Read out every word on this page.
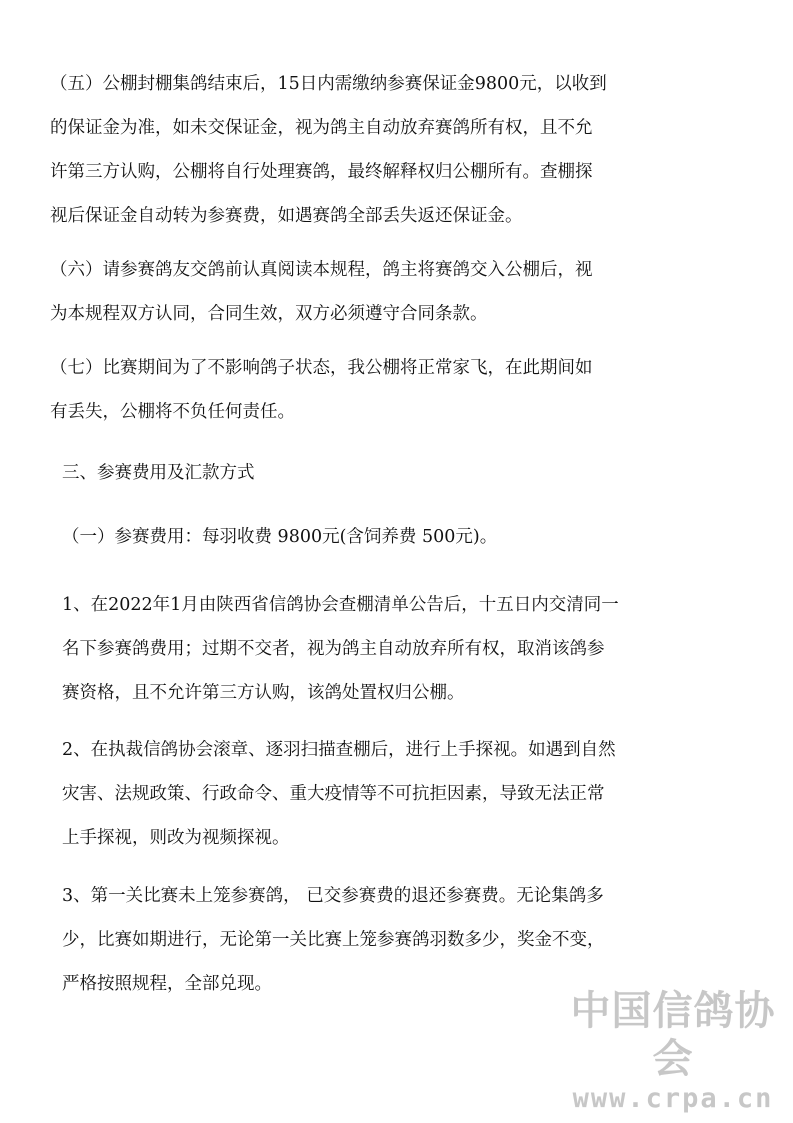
（五）公棚封棚集鸽结束后，15日内需缴纳参赛保证金9800元，以收到
的保证金为准，如未交保证金，视为鸽主自动放弃赛鸽所有权，且不允
许第三方认购，公棚将自行处理赛鸽，最终解释权归公棚所有。查棚探
视后保证金自动转为参赛费，如遇赛鸽全部丢失返还保证金。
（六）请参赛鸽友交鸽前认真阅读本规程，鸽主将赛鸽交入公棚后，视
为本规程双方认同，合同生效，双方必须遵守合同条款。
（七）比赛期间为了不影响鸽子状态，我公棚将正常家飞，在此期间如
有丢失，公棚将不负任何责任。
三、参赛费用及汇款方式
（一）参赛费用：每羽收费 9800元(含饲养费 500元)。
1、在2022年1月由陕西省信鸽协会查棚清单公告后，十五日内交清同一
名下参赛鸽费用；过期不交者，视为鸽主自动放弃所有权，取消该鸽参
赛资格，且不允许第三方认购，该鸽处置权归公棚。
2、在执裁信鸽协会滚章、逐羽扫描查棚后，进行上手探视。如遇到自然
灾害、法规政策、行政命令、重大疫情等不可抗拒因素，导致无法正常
上手探视，则改为视频探视。
3、第一关比赛未上笼参赛鸽， 已交参赛费的退还参赛费。无论集鸽多
少，比赛如期进行，无论第一关比赛上笼参赛鸽羽数多少，奖金不变，
严格按照规程，全部兑现。
中国信鸽协会
www.crpa.cn
